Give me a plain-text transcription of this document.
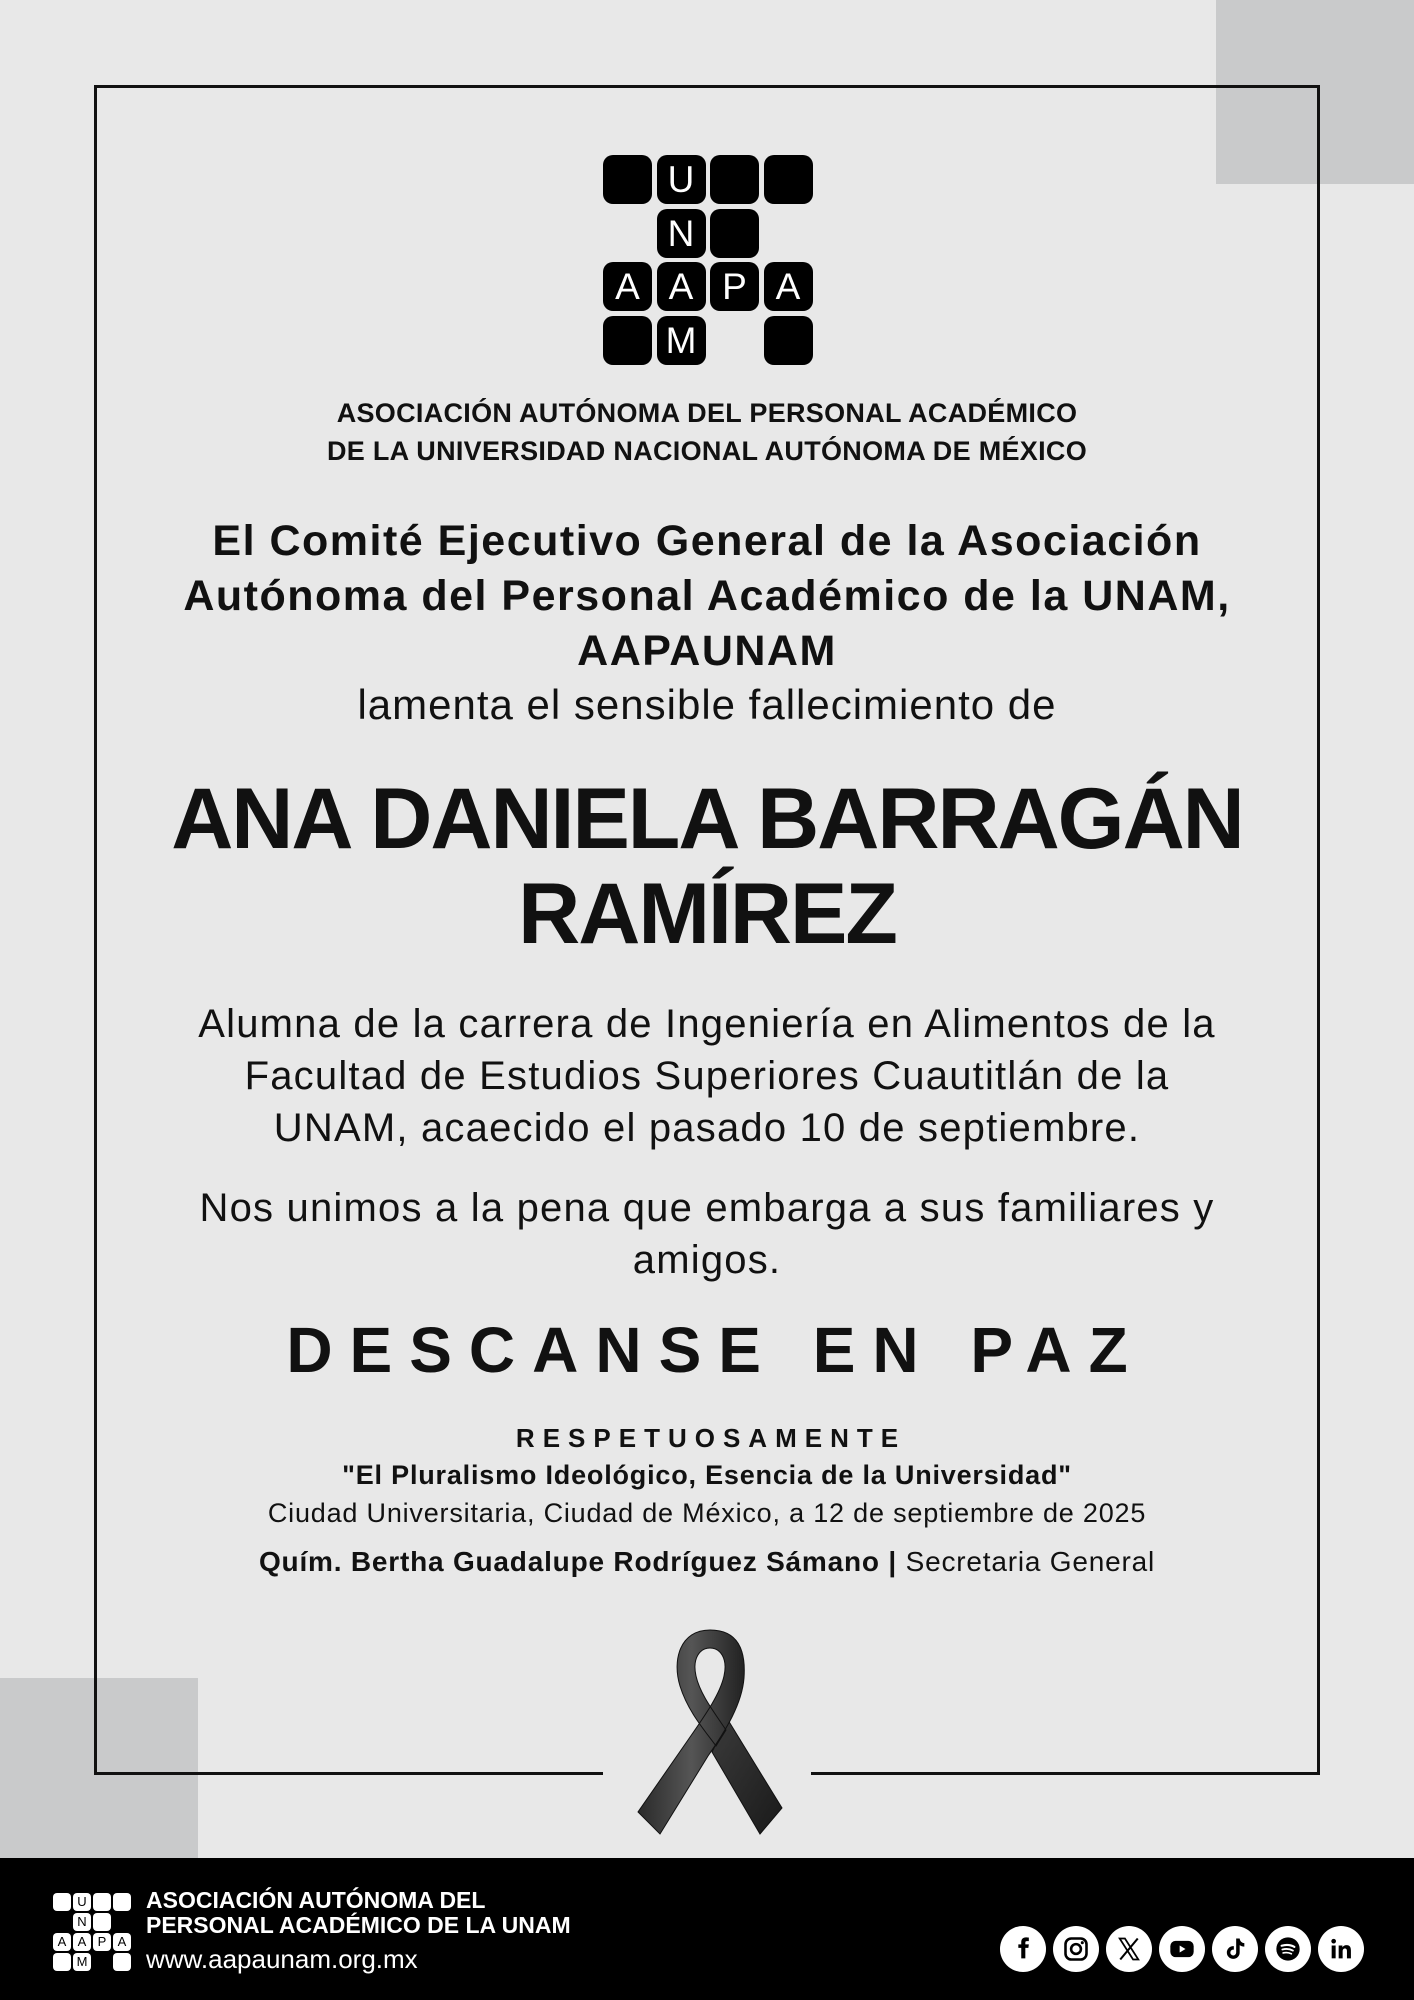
U
N
A A P A
M
ASOCIACIÓN AUTÓNOMA DEL PERSONAL ACADÉMICO
DE LA UNIVERSIDAD NACIONAL AUTÓNOMA DE MÉXICO
El Comité Ejecutivo General de la Asociación
Autónoma del Personal Académico de la UNAM,
AAPAUNAM
lamenta el sensible fallecimiento de
ANA DANIELA BARRAGÁN
RAMÍREZ
Alumna de la carrera de Ingeniería en Alimentos de la
Facultad de Estudios Superiores Cuautitlán de la
UNAM, acaecido el pasado 10 de septiembre.
Nos unimos a la pena que embarga a sus familiares y
amigos.
DESCANSE EN PAZ
RESPETUOSAMENTE
"El Pluralismo Ideológico, Esencia de la Universidad"
Ciudad Universitaria, Ciudad de México, a 12 de septiembre de 2025
Quím. Bertha Guadalupe Rodríguez Sámano | Secretaria General
U
N
A A P A
M
ASOCIACIÓN AUTÓNOMA DEL
PERSONAL ACADÉMICO DE LA UNAM
www.aapaunam.org.mx
